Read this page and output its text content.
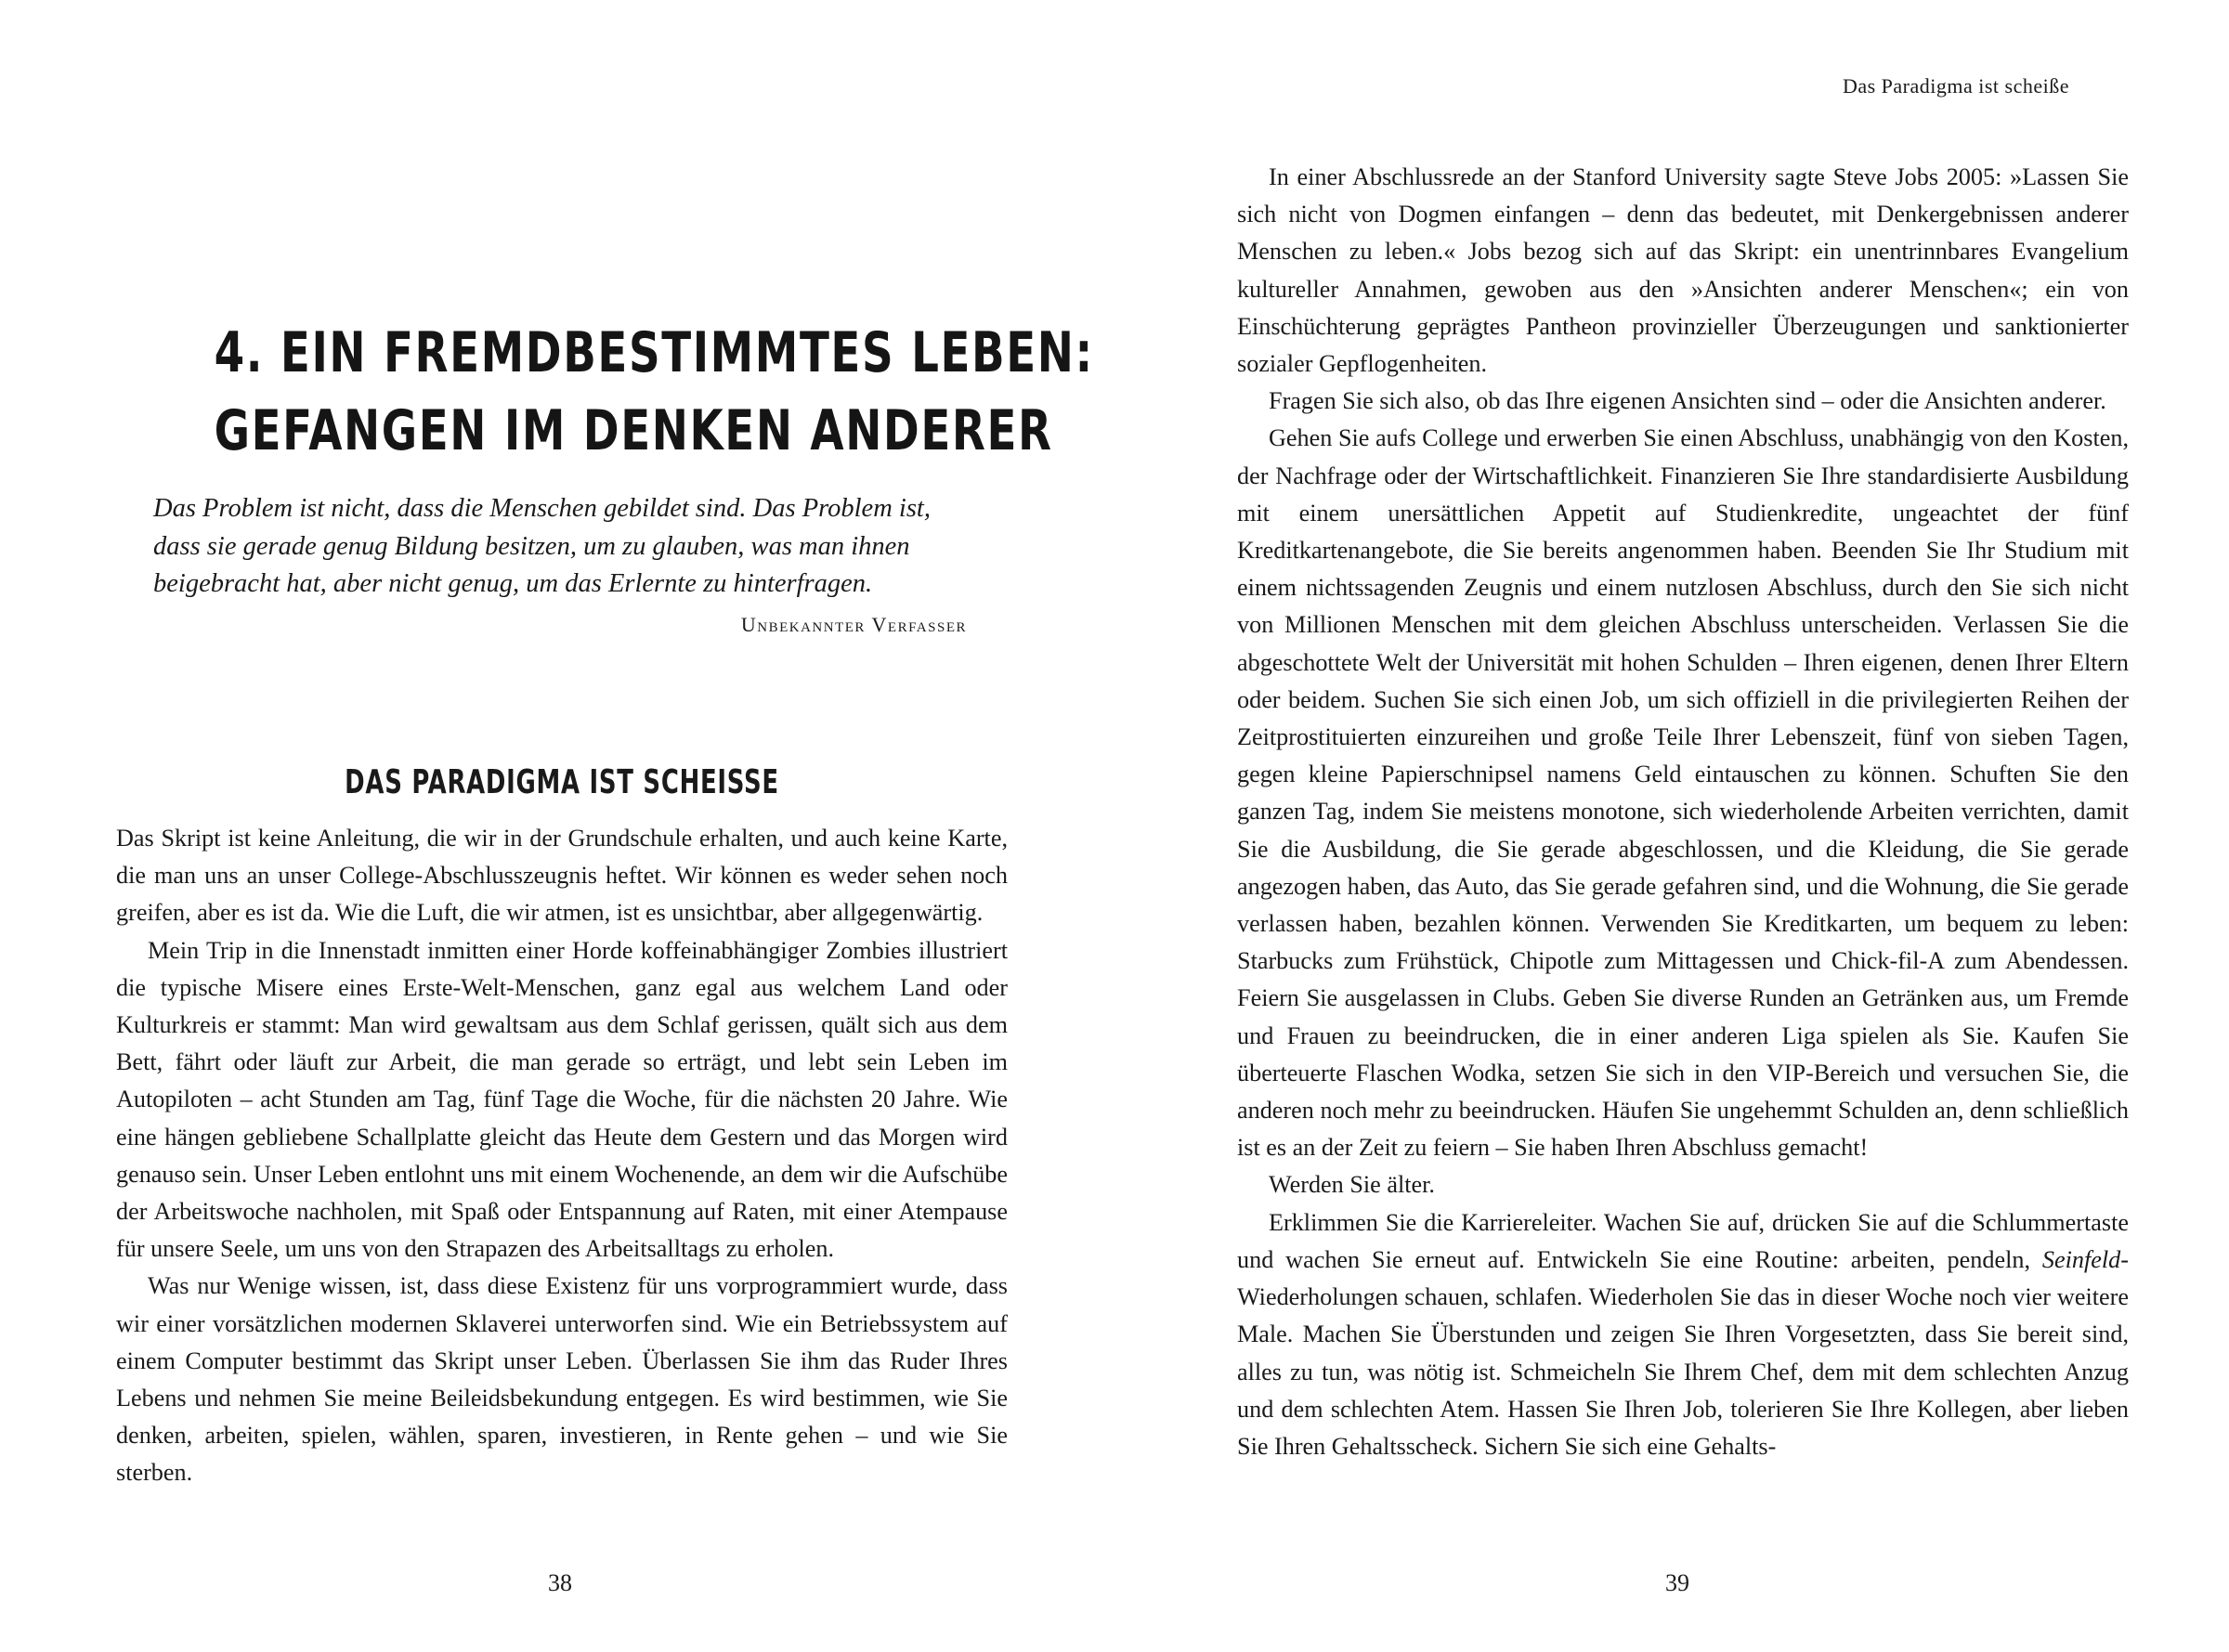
4. EIN FREMDBESTIMMTES LEBEN:
GEFANGEN IM DENKEN ANDERER

Das Problem ist nicht, dass die Menschen gebildet sind. Das Problem ist, dass sie gerade genug Bildung besitzen, um zu glauben, was man ihnen beigebracht hat, aber nicht genug, um das Erlernte zu hinterfragen.

Unbekannter Verfasser
DAS PARADIGMA IST SCHEISSE

Das Skript ist keine Anleitung, die wir in der Grundschule erhalten, und auch keine Karte, die man uns an unser College-Abschlusszeugnis heftet. Wir können es weder sehen noch greifen, aber es ist da. Wie die Luft, die wir atmen, ist es unsichtbar, aber allgegenwärtig.

Mein Trip in die Innenstadt inmitten einer Horde koffeinabhängiger Zombies illustriert die typische Misere eines Erste-Welt-Menschen, ganz egal aus welchem Land oder Kulturkreis er stammt: Man wird gewaltsam aus dem Schlaf gerissen, quält sich aus dem Bett, fährt oder läuft zur Arbeit, die man gerade so erträgt, und lebt sein Leben im Autopiloten – acht Stunden am Tag, fünf Tage die Woche, für die nächsten 20 Jahre. Wie eine hängen gebliebene Schallplatte gleicht das Heute dem Gestern und das Morgen wird genauso sein. Unser Leben entlohnt uns mit einem Wochenende, an dem wir die Aufschübe der Arbeitswoche nachholen, mit Spaß oder Entspannung auf Raten, mit einer Atempause für unsere Seele, um uns von den Strapazen des Arbeitsalltags zu erholen.

Was nur Wenige wissen, ist, dass diese Existenz für uns vorprogrammiert wurde, dass wir einer vorsätzlichen modernen Sklaverei unterworfen sind. Wie ein Betriebssystem auf einem Computer bestimmt das Skript unser Leben. Überlassen Sie ihm das Ruder Ihres Lebens und nehmen Sie meine Beileidsbekundung entgegen. Es wird bestimmen, wie Sie denken, arbeiten, spielen, wählen, sparen, investieren, in Rente gehen – und wie Sie sterben.

38
Das Paradigma ist scheiße

In einer Abschlussrede an der Stanford University sagte Steve Jobs 2005: »Lassen Sie sich nicht von Dogmen einfangen – denn das bedeutet, mit Denkergebnissen anderer Menschen zu leben.« Jobs bezog sich auf das Skript: ein unentrinnbares Evangelium kultureller Annahmen, gewoben aus den »Ansichten anderer Menschen«; ein von Einschüchterung geprägtes Pantheon provinzieller Überzeugungen und sanktionierter sozialer Gepflogenheiten.

Fragen Sie sich also, ob das Ihre eigenen Ansichten sind – oder die Ansichten anderer.

Gehen Sie aufs College und erwerben Sie einen Abschluss, unabhängig von den Kosten, der Nachfrage oder der Wirtschaftlichkeit. Finanzieren Sie Ihre standardisierte Ausbildung mit einem unersättlichen Appetit auf Studienkredite, ungeachtet der fünf Kreditkartenangebote, die Sie bereits angenommen haben. Beenden Sie Ihr Studium mit einem nichtssagenden Zeugnis und einem nutzlosen Abschluss, durch den Sie sich nicht von Millionen Menschen mit dem gleichen Abschluss unterscheiden. Verlassen Sie die abgeschottete Welt der Universität mit hohen Schulden – Ihren eigenen, denen Ihrer Eltern oder beidem. Suchen Sie sich einen Job, um sich offiziell in die privilegierten Reihen der Zeitprostituierten einzureihen und große Teile Ihrer Lebenszeit, fünf von sieben Tagen, gegen kleine Papierschnipsel namens Geld eintauschen zu können. Schuften Sie den ganzen Tag, indem Sie meistens monotone, sich wiederholende Arbeiten verrichten, damit Sie die Ausbildung, die Sie gerade abgeschlossen, und die Kleidung, die Sie gerade angezogen haben, das Auto, das Sie gerade gefahren sind, und die Wohnung, die Sie gerade verlassen haben, bezahlen können. Verwenden Sie Kreditkarten, um bequem zu leben: Starbucks zum Frühstück, Chipotle zum Mittagessen und Chick-fil-A zum Abendessen. Feiern Sie ausgelassen in Clubs. Geben Sie diverse Runden an Getränken aus, um Fremde und Frauen zu beeindrucken, die in einer anderen Liga spielen als Sie. Kaufen Sie überteuerte Flaschen Wodka, setzen Sie sich in den VIP-Bereich und versuchen Sie, die anderen noch mehr zu beeindrucken. Häufen Sie ungehemmt Schulden an, denn schließlich ist es an der Zeit zu feiern – Sie haben Ihren Abschluss gemacht!

Werden Sie älter.

Erklimmen Sie die Karriereleiter. Wachen Sie auf, drücken Sie auf die Schlummertaste und wachen Sie erneut auf. Entwickeln Sie eine Routine: arbeiten, pendeln, Seinfeld-Wiederholungen schauen, schlafen. Wiederholen Sie das in dieser Woche noch vier weitere Male. Machen Sie Überstunden und zeigen Sie Ihren Vorgesetzten, dass Sie bereit sind, alles zu tun, was nötig ist. Schmeicheln Sie Ihrem Chef, dem mit dem schlechten Anzug und dem schlechten Atem. Hassen Sie Ihren Job, tolerieren Sie Ihre Kollegen, aber lieben Sie Ihren Gehaltsscheck. Sichern Sie sich eine Gehalts-

39
